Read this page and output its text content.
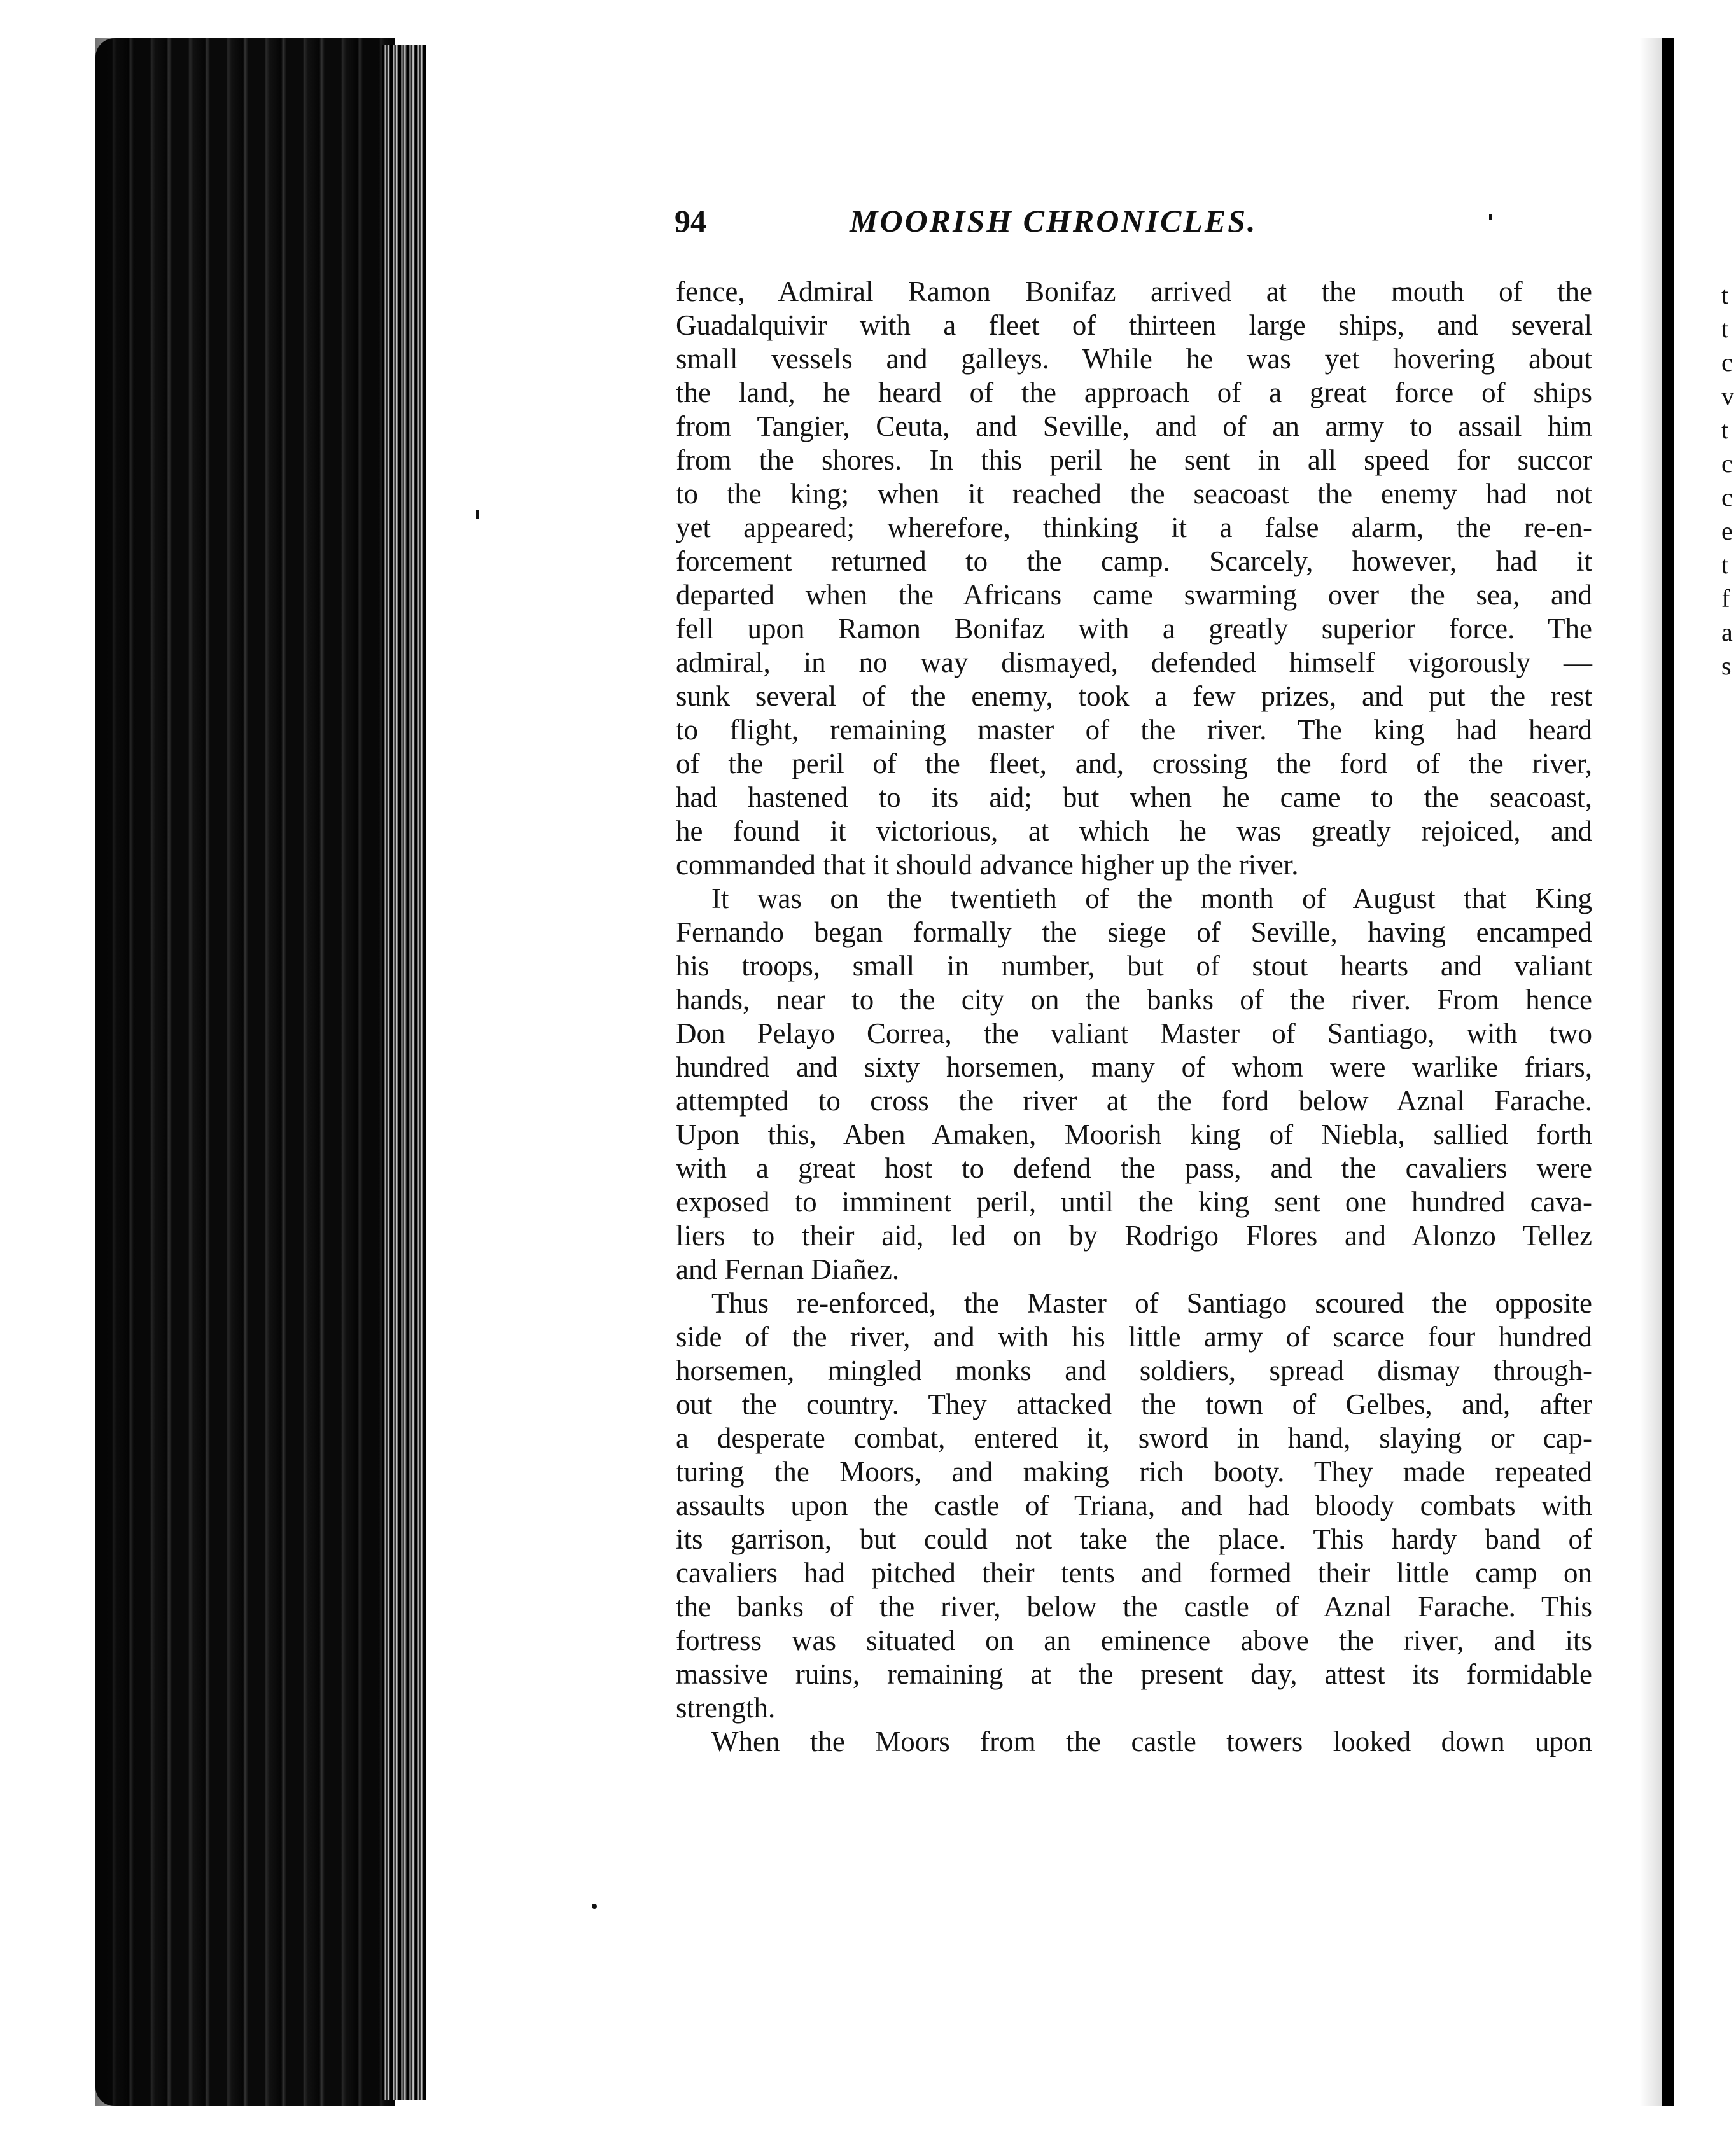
t
t
c
v
t
c
c
e
t
f
a
s
94	MOORISH CHRONICLES.
fence, Admiral Ramon Bonifaz arrived at the mouth of the
Guadalquivir with a fleet of thirteen large ships, and several
small vessels and galleys. While he was yet hovering about
the land, he heard of the approach of a great force of ships
from Tangier, Ceuta, and Seville, and of an army to assail him
from the shores. In this peril he sent in all speed for succor
to the king; when it reached the seacoast the enemy had not
yet appeared; wherefore, thinking it a false alarm, the re-en-
forcement returned to the camp. Scarcely, however, had it
departed when the Africans came swarming over the sea, and
fell upon Ramon Bonifaz with a greatly superior force. The
admiral, in no way dismayed, defended himself vigorously —
sunk several of the enemy, took a few prizes, and put the rest
to flight, remaining master of the river. The king had heard
of the peril of the fleet, and, crossing the ford of the river,
had hastened to its aid; but when he came to the seacoast,
he found it victorious, at which he was greatly rejoiced, and
commanded that it should advance higher up the river.
It was on the twentieth of the month of August that King
Fernando began formally the siege of Seville, having encamped
his troops, small in number, but of stout hearts and valiant
hands, near to the city on the banks of the river. From hence
Don Pelayo Correa, the valiant Master of Santiago, with two
hundred and sixty horsemen, many of whom were warlike friars,
attempted to cross the river at the ford below Aznal Farache.
Upon this, Aben Amaken, Moorish king of Niebla, sallied forth
with a great host to defend the pass, and the cavaliers were
exposed to imminent peril, until the king sent one hundred cava-
liers to their aid, led on by Rodrigo Flores and Alonzo Tellez
and Fernan Diañez.
Thus re-enforced, the Master of Santiago scoured the opposite
side of the river, and with his little army of scarce four hundred
horsemen, mingled monks and soldiers, spread dismay through-
out the country. They attacked the town of Gelbes, and, after
a desperate combat, entered it, sword in hand, slaying or cap-
turing the Moors, and making rich booty. They made repeated
assaults upon the castle of Triana, and had bloody combats with
its garrison, but could not take the place. This hardy band of
cavaliers had pitched their tents and formed their little camp on
the banks of the river, below the castle of Aznal Farache. This
fortress was situated on an eminence above the river, and its
massive ruins, remaining at the present day, attest its formidable
strength.
When the Moors from the castle towers looked down upon
